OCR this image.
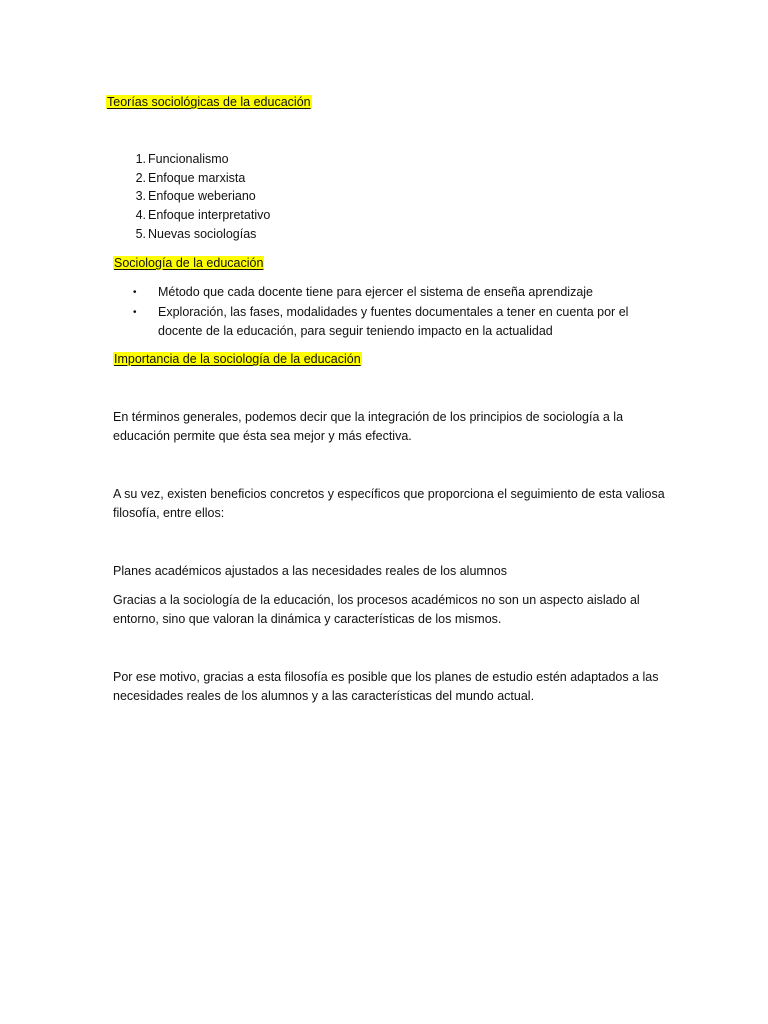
Teorías sociológicas de la educación
1. Funcionalismo
2. Enfoque marxista
3. Enfoque weberiano
4. Enfoque interpretativo
5. Nuevas sociologías
Sociología de la educación
• Método que cada docente tiene para ejercer el sistema de enseña aprendizaje
• Exploración, las fases, modalidades y fuentes documentales a tener en cuenta por el docente de la educación, para seguir teniendo impacto en la actualidad
Importancia de la sociología de la educación
En términos generales, podemos decir que la integración de los principios de sociología a la educación permite que ésta sea mejor y más efectiva.
A su vez, existen beneficios concretos y específicos que proporciona el seguimiento de esta valiosa filosofía, entre ellos:
Planes académicos ajustados a las necesidades reales de los alumnos
Gracias a la sociología de la educación, los procesos académicos no son un aspecto aislado al entorno, sino que valoran la dinámica y características de los mismos.
Por ese motivo, gracias a esta filosofía es posible que los planes de estudio estén adaptados a las necesidades reales de los alumnos y a las características del mundo actual.
